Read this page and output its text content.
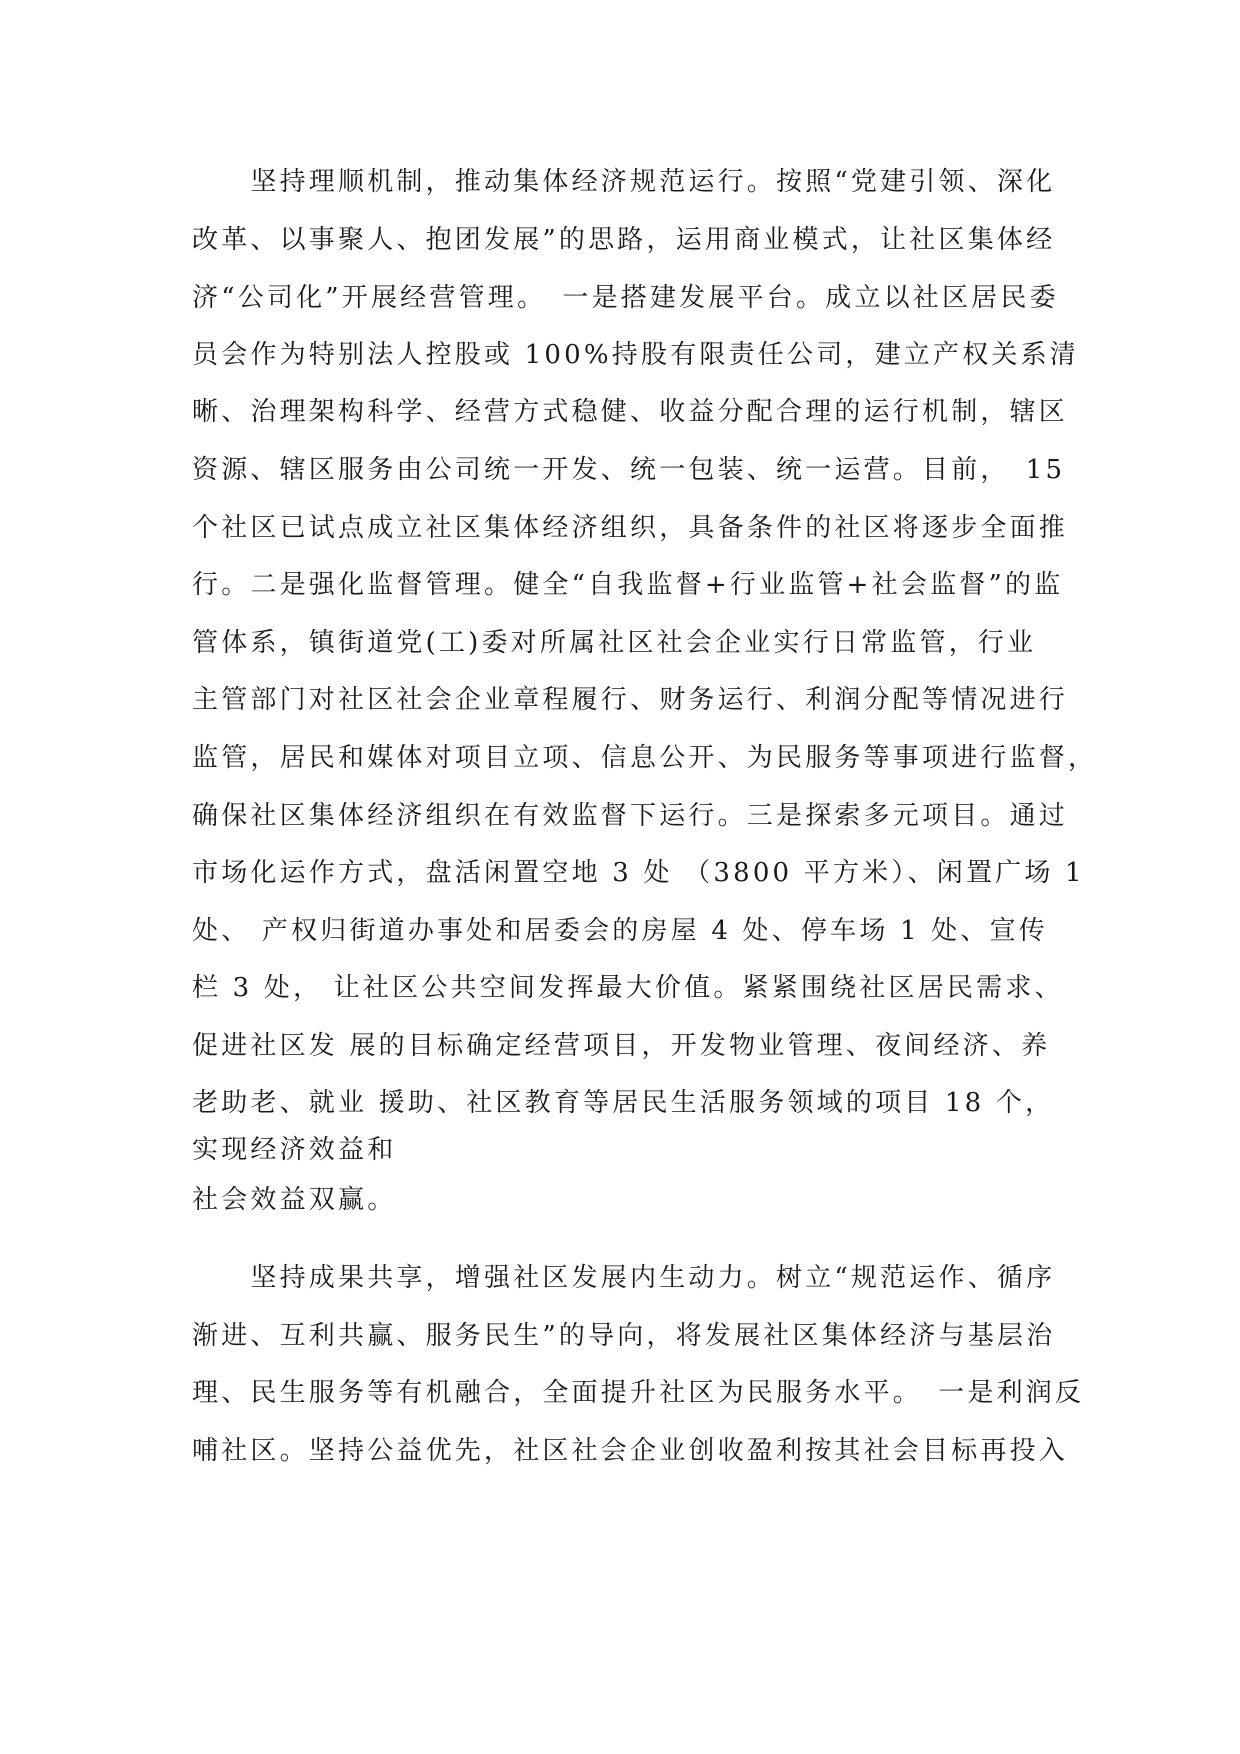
　　坚持理顺机制，推动集体经济规范运行。按照“党建引领、深化
改革、以事聚人、抱团发展”的思路，运用商业模式，让社区集体经
济“公司化”开展经营管理。　一是搭建发展平台。成立以社区居民委
员会作为特别法人控股或 100%持股有限责任公司，建立产权关系清
晰、治理架构科学、经营方式稳健、收益分配合理的运行机制，辖区
资源、辖区服务由公司统一开发、统一包装、统一运营。目前，　15
个社区已试点成立社区集体经济组织，具备条件的社区将逐步全面推
行。二是强化监督管理。健全“自我监督+行业监管+社会监督”的监
管体系，镇街道党(工)委对所属社区社会企业实行日常监管，行业
主管部门对社区社会企业章程履行、财务运行、利润分配等情况进行
监管，居民和媒体对项目立项、信息公开、为民服务等事项进行监督，
确保社区集体经济组织在有效监督下运行。三是探索多元项目。通过
市场化运作方式，盘活闲置空地 3 处 （3800 平方米）、闲置广场 1
处、 产权归街道办事处和居委会的房屋 4 处、停车场 1 处、宣传
栏 3 处， 让社区公共空间发挥最大价值。紧紧围绕社区居民需求、
促进社区发 展的目标确定经营项目，开发物业管理、夜间经济、养
老助老、就业 援助、社区教育等居民生活服务领域的项目 18 个，
实现经济效益和
社会效益双赢。
　　坚持成果共享，增强社区发展内生动力。树立“规范运作、循序
渐进、互利共赢、服务民生”的导向，将发展社区集体经济与基层治
理、民生服务等有机融合，全面提升社区为民服务水平。　一是利润反
哺社区。坚持公益优先，社区社会企业创收盈利按其社会目标再投入
